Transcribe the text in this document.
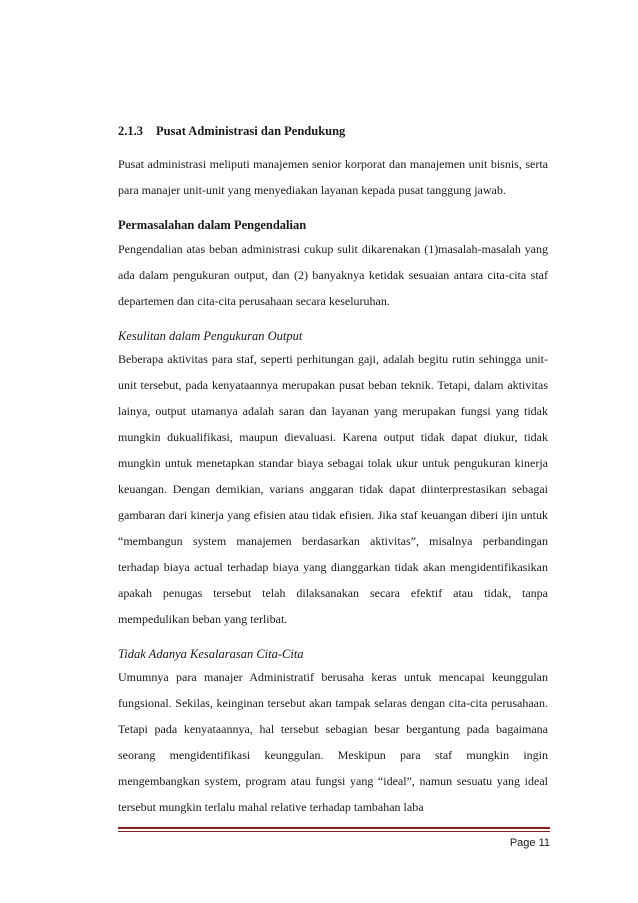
2.1.3 Pusat Administrasi dan Pendukung

Pusat administrasi meliputi manajemen senior korporat dan manajemen unit bisnis, serta para manajer unit-unit yang menyediakan layanan kepada pusat tanggung jawab.

Permasalahan dalam Pengendalian

Pengendalian atas beban administrasi cukup sulit dikarenakan (1)masalah-masalah yang ada dalam pengukuran output, dan (2) banyaknya ketidak sesuaian antara cita-cita staf departemen dan cita-cita perusahaan secara keseluruhan.

Kesulitan dalam Pengukuran Output

Beberapa aktivitas para staf, seperti perhitungan gaji, adalah begitu rutin sehingga unit-unit tersebut, pada kenyataannya merupakan pusat beban teknik. Tetapi, dalam aktivitas lainya, output utamanya adalah saran dan layanan yang merupakan fungsi yang tidak mungkin dukualifikasi, maupun dievaluasi. Karena output tidak dapat diukur, tidak mungkin untuk menetapkan standar biaya sebagai tolak ukur untuk pengukuran kinerja keuangan. Dengan demikian, varians anggaran tidak dapat diinterprestasikan sebagai gambaran dari kinerja yang efisien atau tidak efisien. Jika staf keuangan diberi ijin untuk “membangun system manajemen berdasarkan aktivitas”, misalnya perbandingan terhadap biaya actual terhadap biaya yang dianggarkan tidak akan mengidentifikasikan apakah penugas tersebut telah dilaksanakan secara efektif atau tidak, tanpa mempedulikan beban yang terlibat.

Tidak Adanya Kesalarasan Cita-Cita

Umumnya para manajer Administratif berusaha keras untuk mencapai keunggulan fungsional. Sekilas, keinginan tersebut akan tampak selaras dengan cita-cita perusahaan. Tetapi pada kenyataannya, hal tersebut sebagian besar bergantung pada bagaimana seorang mengidentifikasi keunggulan. Meskipun para staf mungkin ingin mengembangkan system, program atau fungsi yang “ideal”, namun sesuatu yang ideal tersebut mungkin terlalu mahal relative terhadap tambahan laba

Page 11
